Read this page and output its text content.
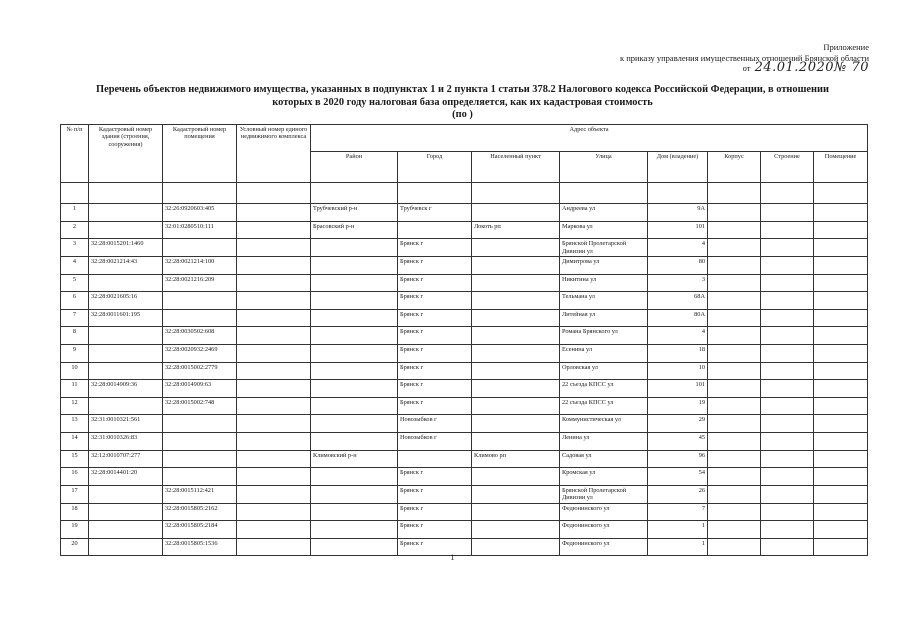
Приложение
к приказу управления имущественных отношений Брянской области
от 24.01.2020№ 70
Перечень объектов недвижимого имущества, указанных в подпунктах 1 и 2 пункта 1 статьи 378.2 Налогового кодекса Российской Федерации, в отношении
которых в 2020 году налоговая база определяется, как их кадастровая стоимость
(по )
№ п/п	Кадастровый номер здания (строения, сооружения)	Кадастровый номер помещения	Условный номер единого недвижимого комплекса	Адрес объекта							
				Район	Город	Населенный пункт	Улица	Дом (владение)	Корпус	Строение	Помещение

1		32:26:0920603:405		Трубчевский р-н	Трубчевск г		Андреева ул	9А			
2		32:01:0280510:111		Брасовский р-н		Локоть рп	Маркова ул	101			
3	32:28:0015201:1460				Брянск г		Брянской Пролетарской Дивизии ул	4			
4	32:28:0021214:43	32:28:0021214:100			Брянск г		Димитрова ул	80			
5		32:28:0021216:209			Брянск г		Никитина ул	3			
6	32:28:0021605:16				Брянск г		Тельмана ул	68А			
7	32:28:0011601:195				Брянск г		Литейная ул	80А			
8		32:28:0030502:608			Брянск г		Романа Брянского ул	4			
9		32:28:0020932:2469			Брянск г		Есенина ул	18			
10		32:28:0015002:2779			Брянск г		Орловская ул	10			
11	32:28:0014909:36	32:28:0014909:63			Брянск г		22 съезда КПСС ул	101			
12		32:28:0015002:748			Брянск г		22 съезда КПСС ул	19			
13	32:31:0010321:561				Новозыбков г		Коммунистическая ул	29			
14	32:31:0010326:83				Новозыбков г		Ленина ул	45			
15	32:12:0010707:277			Климовский р-н		Климово рп	Садовая ул	96			
16	32:28:0014401:20				Брянск г		Кромская ул	54			
17		32:28:0015112:421			Брянск г		Брянской Пролетарской Дивизии ул	26			
18		32:28:0015805:2162			Брянск г		Федюнинского ул	7			
19		32:28:0015805:2184			Брянск г		Федюнинского ул	1			
20		32:28:0015805:1536			Брянск г		Федюнинского ул	1			
1
